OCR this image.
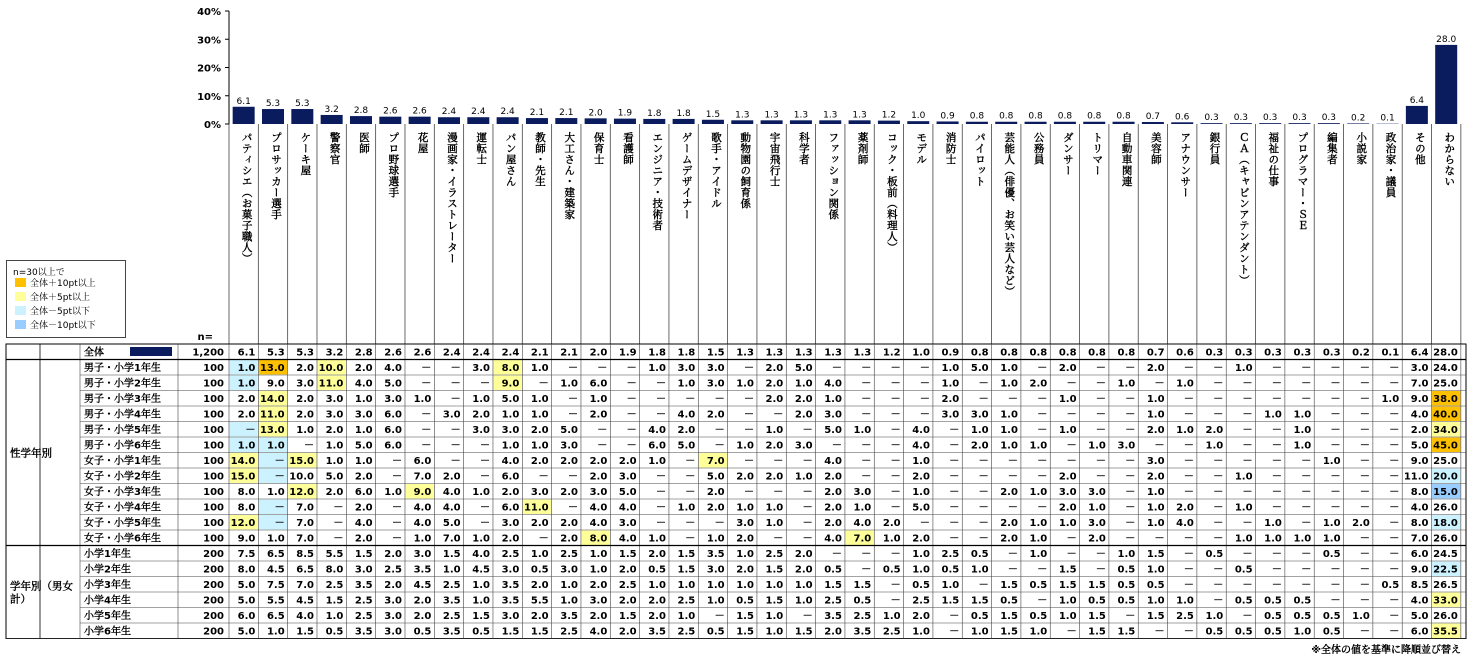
0%
10%
20%
30%
40%
6.1 5.3 5.3
3.2 2.8 2.6 2.6 2.4 2.4 2.4 2.1 2.1 2.0 1.9 1.8 1.8 1.5 1.3 1.3 1.3 1.3 1.3 1.2 1.0 0.9 0.8 0.8 0.8 0.8 0.8 0.8 0.7 0.6 0.3 0.3 0.3 0.3 0.3 0.2 0.1
6.4
28.0
パティシエ（お菓子職人） プロサッカー選手 ケーキ屋 警察官 医師 プロ野球選手 花屋 漫画家・イラストレーター 運転士 パン屋さん 教師・先生 大工さん・建築家 保育士 看護師 エンジニア・技術者 ゲームデザイナー 歌手・アイドル 動物園の飼育係 宇宙飛行士 科学者 ファッション関係 薬剤師 コック・板前（料理人） モデル 消防士 パイロット 芸能人（俳優、お笑い芸人など） 公務員 ダンサー トリマー 自動車関連 美容師 アナウンサー 銀行員 ＣＡ（キャビンアテンダント） 福祉の仕事 プログラマー・ＳＥ 編集者 小説家 政治家・議員 その他 わからない
n=
性学年別
学年別（男女
計）
全体	1,200 6.1 5.3 5.3 3.2 2.8 2.6 2.6 2.4 2.4 2.4 2.1 2.1 2.0 1.9 1.8 1.8 1.5 1.3 1.3 1.3 1.3 1.3 1.2 1.0 0.9 0.8 0.8 0.8 0.8 0.8 0.8 0.7 0.6 0.3 0.3 0.3 0.3 0.3 0.2 0.1 6.4 28.0
男子・小学1年生	100 1.0 13.0 2.0 10.0 2.0 4.0 － － 3.0 8.0 1.0 － － － 1.0 3.0 3.0 － 2.0 5.0 － － － － 1.0 5.0 1.0 － 2.0 － － 2.0 － － 1.0 － － － － － 3.0 24.0
男子・小学2年生	100 1.0 9.0 3.0 11.0 4.0 5.0 － － － 9.0 － 1.0 6.0 － － 1.0 3.0 1.0 2.0 1.0 4.0 － － － 1.0 － 1.0 2.0 － － 1.0 － 1.0 － － － － － － － 7.0 25.0
男子・小学3年生	100 2.0 14.0 2.0 3.0 1.0 3.0 1.0 － 1.0 5.0 1.0 － 1.0 － － － － － 2.0 2.0 1.0 － － － 2.0 － － － 1.0 － － 1.0 － － － － － － － 1.0 9.0 38.0
男子・小学4年生	100 2.0 11.0 2.0 3.0 3.0 6.0 － 3.0 2.0 1.0 1.0 － 2.0 － － 4.0 2.0 － － 2.0 3.0 － － － 3.0 3.0 1.0 － － － － 1.0 － － － 1.0 1.0 － － － 4.0 40.0
男子・小学5年生	100 － 13.0 1.0 2.0 1.0 6.0 － － 3.0 3.0 2.0 5.0 － － 4.0 2.0 － － 1.0 － 5.0 1.0 － 4.0 － 1.0 1.0 － 1.0 － － 2.0 1.0 2.0 － － 1.0 － － － 2.0 34.0
男子・小学6年生	100 1.0 1.0 － 1.0 5.0 6.0 － － － 1.0 1.0 3.0 － － 6.0 5.0 － 1.0 2.0 3.0 － － － 4.0 － 2.0 1.0 1.0 － 1.0 3.0 － － 1.0 － － 1.0 － － － 5.0 45.0
女子・小学1年生	100 14.0 － 15.0 1.0 1.0 － 6.0 － － 4.0 2.0 2.0 2.0 2.0 1.0 － 7.0 － － － 4.0 － － 1.0 － － － － － － － 3.0 － － － － － 1.0 － － 9.0 25.0
女子・小学2年生	100 15.0 － 10.0 5.0 2.0 － 7.0 2.0 － 6.0 － － 2.0 3.0 － － 5.0 2.0 2.0 1.0 2.0 － － 2.0 － － － － 2.0 － － 2.0 － － 1.0 － － － － － 11.0 20.0
女子・小学3年生	100 8.0 1.0 12.0 2.0 6.0 1.0 9.0 4.0 1.0 2.0 3.0 2.0 3.0 5.0 － － 2.0 － － － 2.0 3.0 － 1.0 － － 2.0 1.0 3.0 3.0 － 1.0 － － － － － － － － 8.0 15.0
女子・小学4年生	100 8.0 － 7.0 － 2.0 － 4.0 4.0 － 6.0 11.0 － 4.0 4.0 － 1.0 2.0 1.0 1.0 － 2.0 1.0 － 5.0 － － － － 2.0 1.0 － 1.0 2.0 － 1.0 － － － － － 4.0 26.0
女子・小学5年生	100 12.0 － 7.0 － 4.0 － 4.0 5.0 － 3.0 2.0 2.0 4.0 3.0 － － － 3.0 1.0 － 2.0 4.0 2.0 － － － 2.0 1.0 1.0 3.0 － 1.0 4.0 － － 1.0 － 1.0 2.0 － 8.0 18.0
女子・小学6年生	100 9.0 1.0 7.0 － 2.0 － 1.0 7.0 1.0 2.0 － 2.0 8.0 4.0 1.0 － 1.0 2.0 － － 4.0 7.0 1.0 2.0 － － 2.0 1.0 － 2.0 － － － － 1.0 1.0 1.0 1.0 － － 7.0 26.0
小学1年生	200 7.5 6.5 8.5 5.5 1.5 2.0 3.0 1.5 4.0 2.5 1.0 2.5 1.0 1.5 2.0 1.5 3.5 1.0 2.5 2.0 － － － 1.0 2.5 0.5 － 1.0 － － 1.0 1.5 － 0.5 － － － 0.5 － － 6.0 24.5
小学2年生	200 8.0 4.5 6.5 8.0 3.0 2.5 3.5 1.0 4.5 3.0 0.5 3.0 1.0 2.0 0.5 1.5 3.0 2.0 1.5 2.0 0.5 － 0.5 1.0 0.5 1.0 － － 1.5 － 0.5 1.0 － － 0.5 － － － － － 9.0 22.5
小学3年生	200 5.0 7.5 7.0 2.5 3.5 2.0 4.5 2.5 1.0 3.5 2.0 1.0 2.0 2.5 1.0 1.0 1.0 1.0 1.0 1.0 1.5 1.5 － 0.5 1.0 － 1.5 0.5 1.5 1.5 0.5 0.5 － － － － － － － 0.5 8.5 26.5
小学4年生	200 5.0 5.5 4.5 1.5 2.5 3.0 2.0 3.5 1.0 3.5 5.5 1.0 3.0 2.0 2.0 2.5 1.0 0.5 1.5 1.0 2.5 0.5 － 2.5 1.5 1.5 0.5 － 1.0 0.5 0.5 1.0 1.0 － 0.5 0.5 0.5 － － － 4.0 33.0
小学5年生	200 6.0 6.5 4.0 1.0 2.5 3.0 2.0 2.5 1.5 3.0 2.0 3.5 2.0 1.5 2.0 1.0 － 1.5 1.0 － 3.5 2.5 1.0 2.0 － 0.5 1.5 0.5 1.0 1.5 － 1.5 2.5 1.0 － 0.5 0.5 0.5 1.0 － 5.0 26.0
小学6年生	200 5.0 1.0 1.5 0.5 3.5 3.0 0.5 3.5 0.5 1.5 1.5 2.5 4.0 2.0 3.5 2.5 0.5 1.5 1.0 1.5 2.0 3.5 2.5 1.0 － 1.0 1.5 1.0 － 1.5 1.5 － － 0.5 0.5 0.5 1.0 0.5 － － 6.0 35.5
n=30以上で
全体＋10pt以上
全体＋5pt以上
全体－5pt以下
全体－10pt以下
※全体の値を基準に降順並び替え
